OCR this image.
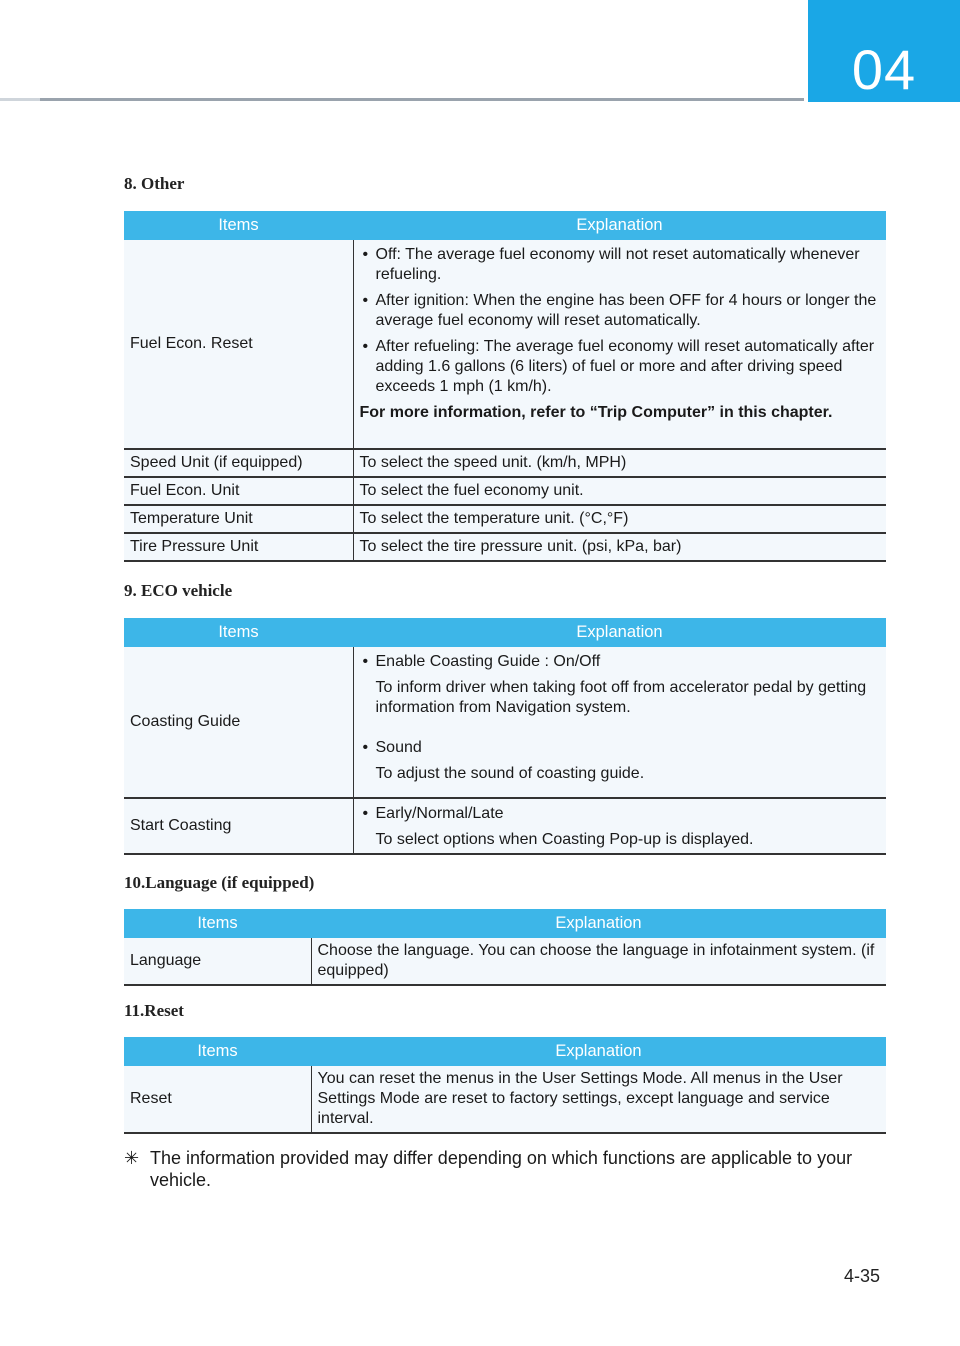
04
8. Other
Items	Explanation
Fuel Econ. Reset	• Off: The average fuel economy will not reset automatically whenever refueling.
• After ignition: When the engine has been OFF for 4 hours or longer the average fuel economy will reset automatically.
• After refueling: The average fuel economy will reset automatically after adding 1.6 gallons (6 liters) of fuel or more and after driving speed exceeds 1 mph (1 km/h).
For more information, refer to “Trip Computer” in this chapter.

Speed Unit (if equipped)	To select the speed unit. (km/h, MPH)
Fuel Econ. Unit	To select the fuel economy unit.
Temperature Unit	To select the temperature unit. (°C,°F)
Tire Pressure Unit	To select the tire pressure unit. (psi, kPa, bar)
9. ECO vehicle
Items	Explanation
Coasting Guide	• Enable Coasting Guide : On/Off
To inform driver when taking foot off from accelerator pedal by getting information from Navigation system.
• Sound
To adjust the sound of coasting guide.

Start Coasting	• Early/Normal/Late
To select options when Coasting Pop-up is displayed.
10.Language (if equipped)
Items	Explanation
Language	Choose the language. You can choose the language in infotainment system. (if equipped)
11.Reset
Items	Explanation
Reset	You can reset the menus in the User Settings Mode. All menus in the User Settings Mode are reset to factory settings, except language and service interval.
✳ The information provided may differ depending on which functions are applicable to your vehicle.
4-35
